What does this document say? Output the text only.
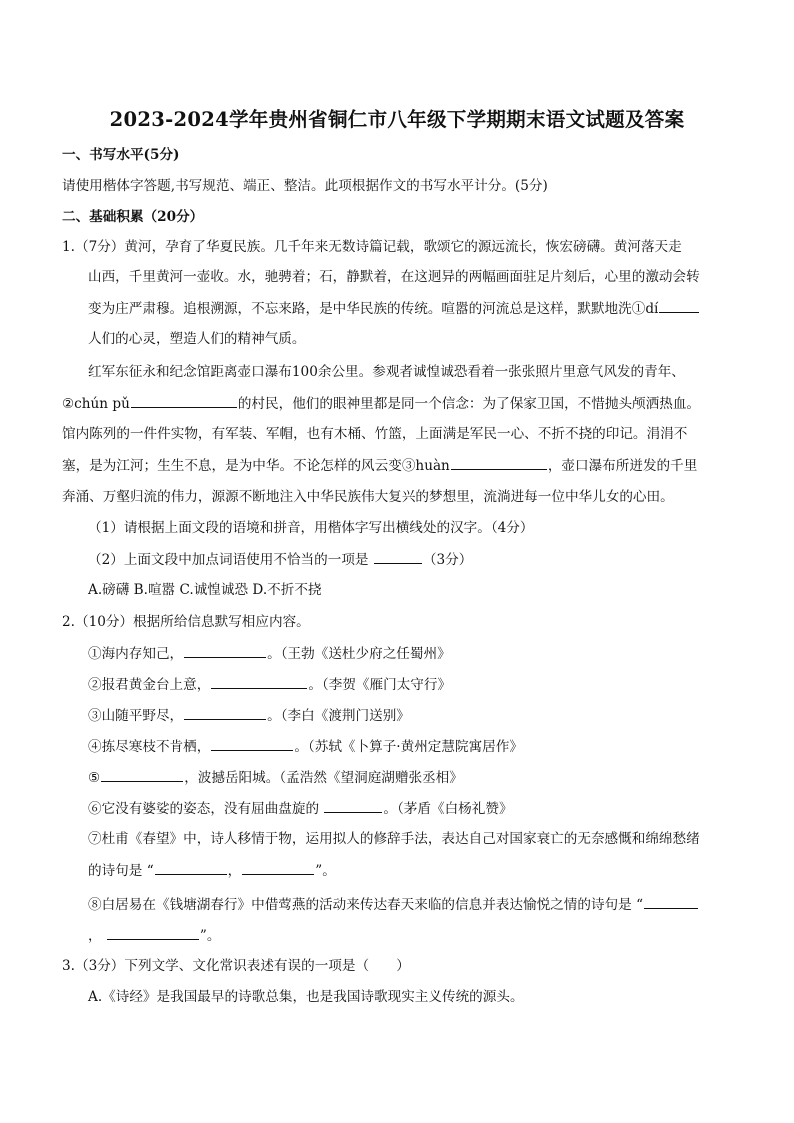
2023-2024学年贵州省铜仁市八年级下学期期末语文试题及答案
一、书写水平(5分)
请使用楷体字答题,书写规范、端正、整洁。此项根据作文的书写水平计分。(5分)
二、基础积累（20分）
1.（7分）黄河，孕育了华夏民族。几千年来无数诗篇记载，歌颂它的源远流长，恢宏磅礴。黄河落天走
山西，千里黄河一壶收。水，驰骋着；石，静默着，在这迥异的两幅画面驻足片刻后，心里的激动会转
变为庄严肃穆。追根溯源，不忘来路，是中华民族的传统。喧嚣的河流总是这样，默默地洗①dí
人们的心灵，塑造人们的精神气质。
红军东征永和纪念馆距离壶口瀑布100余公里。参观者诚惶诚恐看着一张张照片里意气风发的青年、
②chún pǔ	的村民，他们的眼神里都是同一个信念：为了保家卫国，不惜抛头颅洒热血。
馆内陈列的一件件实物，有军装、军帽，也有木桶、竹篮，上面满是军民一心、不折不挠的印记。涓涓不
塞，是为江河；生生不息，是为中华。不论怎样的风云变③huàn	，壶口瀑布所迸发的千里
奔涌、万壑归流的伟力，源源不断地注入中华民族伟大复兴的梦想里，流淌进每一位中华儿女的心田。
（1）请根据上面文段的语境和拼音，用楷体字写出横线处的汉字。（4分）
（2）上面文段中加点词语使用不恰当的一项是	（3分）
A.磅礴 B.喧嚣 C.诚惶诚恐 D.不折不挠
2.（10分）根据所给信息默写相应内容。
①海内存知己，	。（王勃《送杜少府之任蜀州》
②报君黄金台上意，	。（李贺《雁门太守行》
③山随平野尽，	。（李白《渡荆门送别》
④拣尽寒枝不肯栖，	。（苏轼《卜算子·黄州定慧院寓居作》
⑤	，波撼岳阳城。（孟浩然《望洞庭湖赠张丞相》
⑥它没有婆娑的姿态，没有屈曲盘旋的	。（茅盾《白杨礼赞》
⑦杜甫《春望》中，诗人移情于物，运用拟人的修辞手法，表达自己对国家衰亡的无奈感慨和绵绵愁绪
的诗句是 “	，	”。
⑧白居易在《钱塘湖春行》中借莺燕的活动来传达春天来临的信息并表达愉悦之情的诗句是 “
，	”。
3.（3分）下列文学、文化常识表述有误的一项是（　　）
A.《诗经》是我国最早的诗歌总集，也是我国诗歌现实主义传统的源头。
